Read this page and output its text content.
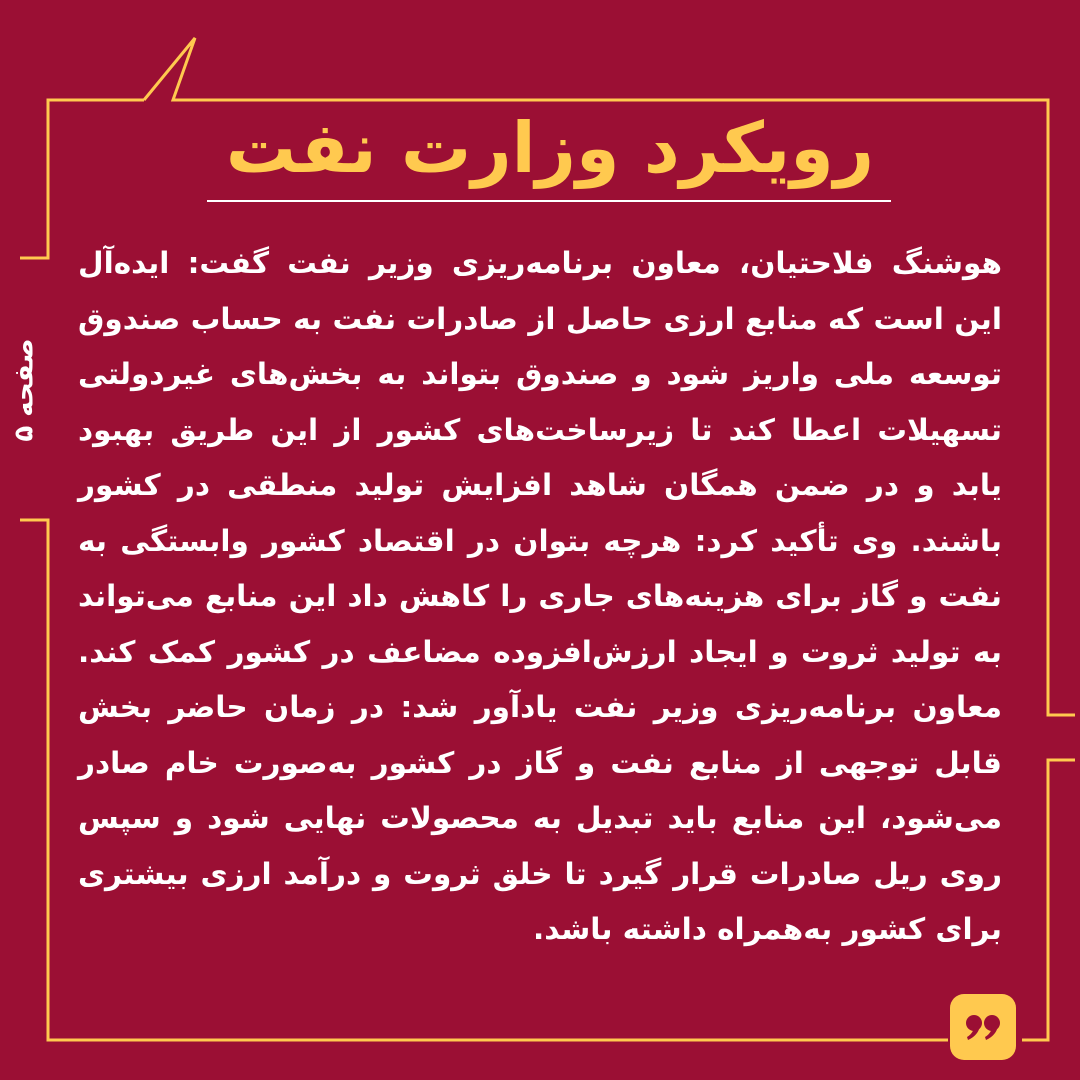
رویکرد وزارت نفت

هوشنگ فلاحتیان، معاون برنامه‌ریزی وزیر نفت گفت: ایده‌آل این است که منابع ارزی حاصل از صادرات نفت به حساب صندوق توسعه ملی واریز شود و صندوق بتواند به بخش‌های غیردولتی تسهیلات اعطا کند تا زیرساخت‌های کشور از این طریق بهبود یابد و در ضمن همگان شاهد افزایش تولید منطقی در کشور باشند. وی تأکید کرد: هرچه بتوان در اقتصاد کشور وابستگی به نفت و گاز برای هزینه‌های جاری را کاهش داد این منابع می‌تواند به تولید ثروت و ایجاد ارزش‌افزوده مضاعف در کشور کمک کند. معاون برنامه‌ریزی وزیر نفت یادآور شد: در زمان حاضر بخش قابل توجهی از منابع نفت و گاز در کشور به‌صورت خام صادر می‌شود، این منابع باید تبدیل به محصولات نهایی شود و سپس روی ریل صادرات قرار گیرد تا خلق ثروت و درآمد ارزی بیشتری برای کشور به‌همراه داشته باشد.

صفحه ۵
